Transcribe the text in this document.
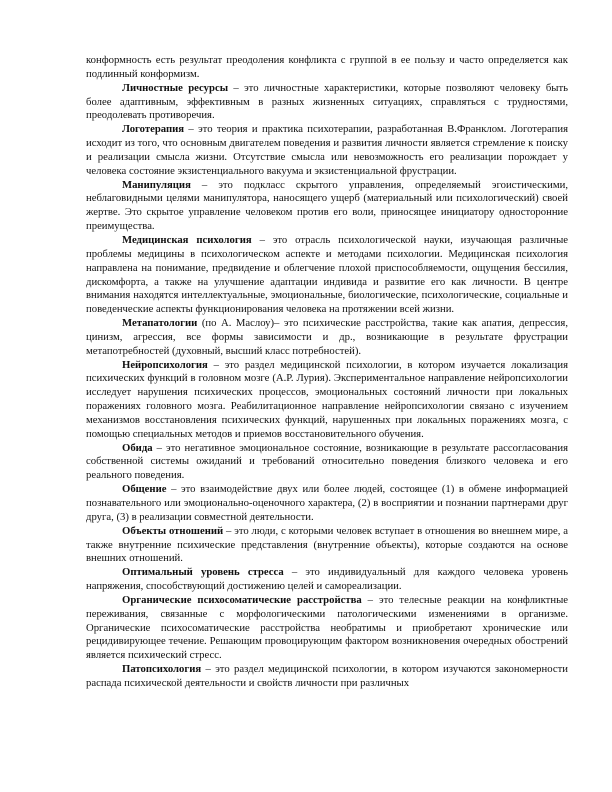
конформность есть результат преодоления конфликта с группой в ее пользу и часто определяется как подлинный конформизм.

Личностные ресурсы – это личностные характеристики, которые позволяют человеку быть более адаптивным, эффективным в разных жизненных ситуациях, справляться с трудностями, преодолевать противоречия.

Логотерапия – это теория и практика психотерапии, разработанная В.Франклом. Логотерапия исходит из того, что основным двигателем поведения и развития личности является стремление к поиску и реализации смысла жизни. Отсутствие смысла или невозможность его реализации порождает у человека состояние экзистенциального вакуума и экзистенциальной фрустрации.

Манипуляция – это подкласс скрытого управления, определяемый эгоистическими, неблаговидными целями манипулятора, наносящего ущерб (материальный или психологический) своей жертве. Это скрытое управление человеком против его воли, приносящее инициатору односторонние преимущества.

Медицинская психология – это отрасль психологической науки, изучающая различные проблемы медицины в психологическом аспекте и методами психологии. Медицинская психология направлена на понимание, предвидение и облегчение плохой приспособляемости, ощущения бессилия, дискомфорта, а также на улучшение адаптации индивида и развитие его как личности. В центре внимания находятся интеллектуальные, эмоциональные, биологические, психологические, социальные и поведенческие аспекты функционирования человека на протяжении всей жизни.

Метапатологии (по А. Маслоу)– это психические расстройства, такие как апатия, депрессия, цинизм, агрессия, все формы зависимости и др., возникающие в результате фрустрации метапотребностей (духовный, высший класс потребностей).

Нейропсихология – это раздел медицинской психологии, в котором изучается локализация психических функций в головном мозге (А.Р. Лурия). Экспериментальное направление нейропсихологии исследует нарушения психических процессов, эмоциональных состояний личности при локальных поражениях головного мозга. Реабилитационное направление нейропсихологии связано с изучением механизмов восстановления психических функций, нарушенных при локальных поражениях мозга, с помощью специальных методов и приемов восстановительного обучения.

Обида – это негативное эмоциональное состояние, возникающие в результате рассогласования собственной системы ожиданий и требований относительно поведения близкого человека и его реального поведения.

Общение – это взаимодействие двух или более людей, состоящее (1) в обмене информацией познавательного или эмоционально-оценочного характера, (2) в восприятии и познании партнерами друг друга, (3) в реализации совместной деятельности.

Объекты отношений – это люди, с которыми человек вступает в отношения во внешнем мире, а также внутренние психические представления (внутренние объекты), которые создаются на основе внешних отношений.

Оптимальный уровень стресса – это индивидуальный для каждого человека уровень напряжения, способствующий достижению целей и самореализации.

Органические психосоматические расстройства – это телесные реакции на конфликтные переживания, связанные с морфологическими патологическими изменениями в организме. Органические психосоматические расстройства необратимы и приобретают хронические или рецидивирующее течение. Решающим провоцирующим фактором возникновения очередных обострений является психический стресс.

Патопсихология – это раздел медицинской психологии, в котором изучаются закономерности распада психической деятельности и свойств личности при различных
